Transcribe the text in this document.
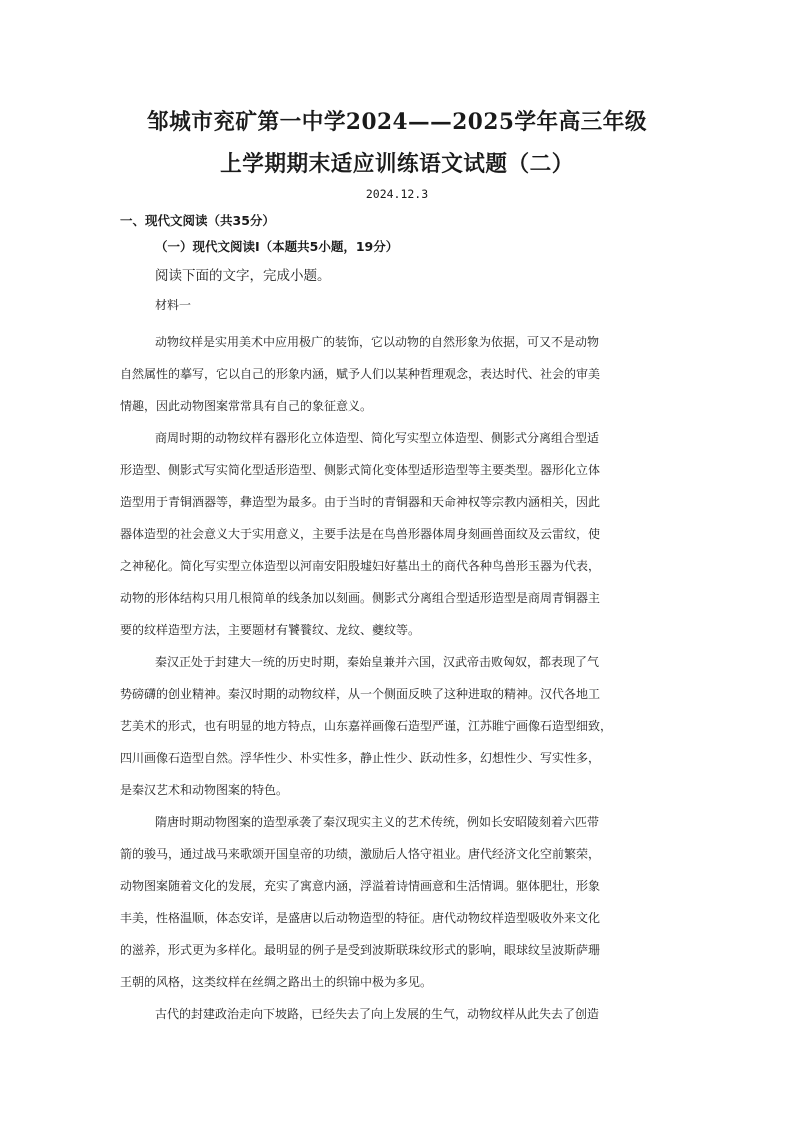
邹城市兖矿第一中学2024——2025学年高三年级
上学期期末适应训练语文试题（二）
2024.12.3
一、现代文阅读（共35分）
（一）现代文阅读Ⅰ（本题共5小题，19分）
阅读下面的文字，完成小题。
材料一
动物纹样是实用美术中应用极广的装饰，它以动物的自然形象为依据，可又不是动物
自然属性的摹写，它以自己的形象内涵，赋予人们以某种哲理观念，表达时代、社会的审美
情趣，因此动物图案常常具有自己的象征意义。
商周时期的动物纹样有器形化立体造型、简化写实型立体造型、侧影式分离组合型适
形造型、侧影式写实简化型适形造型、侧影式简化变体型适形造型等主要类型。器形化立体
造型用于青铜酒器等，彝造型为最多。由于当时的青铜器和天命神权等宗教内涵相关，因此
器体造型的社会意义大于实用意义，主要手法是在鸟兽形器体周身刻画兽面纹及云雷纹，使
之神秘化。简化写实型立体造型以河南安阳殷墟妇好墓出土的商代各种鸟兽形玉器为代表，
动物的形体结构只用几根简单的线条加以刻画。侧影式分离组合型适形造型是商周青铜器主
要的纹样造型方法，主要题材有饕餮纹、龙纹、夔纹等。
秦汉正处于封建大一统的历史时期，秦始皇兼并六国，汉武帝击败匈奴，都表现了气
势磅礴的创业精神。秦汉时期的动物纹样，从一个侧面反映了这种进取的精神。汉代各地工
艺美术的形式，也有明显的地方特点，山东嘉祥画像石造型严谨，江苏睢宁画像石造型细致，
四川画像石造型自然。浮华性少、朴实性多，静止性少、跃动性多，幻想性少、写实性多，
是秦汉艺术和动物图案的特色。
隋唐时期动物图案的造型承袭了秦汉现实主义的艺术传统，例如长安昭陵刻着六匹带
箭的骏马，通过战马来歌颂开国皇帝的功绩，激励后人恪守祖业。唐代经济文化空前繁荣，
动物图案随着文化的发展，充实了寓意内涵，浮溢着诗情画意和生活情调。躯体肥壮，形象
丰美，性格温顺，体态安详，是盛唐以后动物造型的特征。唐代动物纹样造型吸收外来文化
的滋养，形式更为多样化。最明显的例子是受到波斯联珠纹形式的影响，眼球纹呈波斯萨珊
王朝的风格，这类纹样在丝绸之路出土的织锦中极为多见。
古代的封建政治走向下坡路，已经失去了向上发展的生气，动物纹样从此失去了创造
